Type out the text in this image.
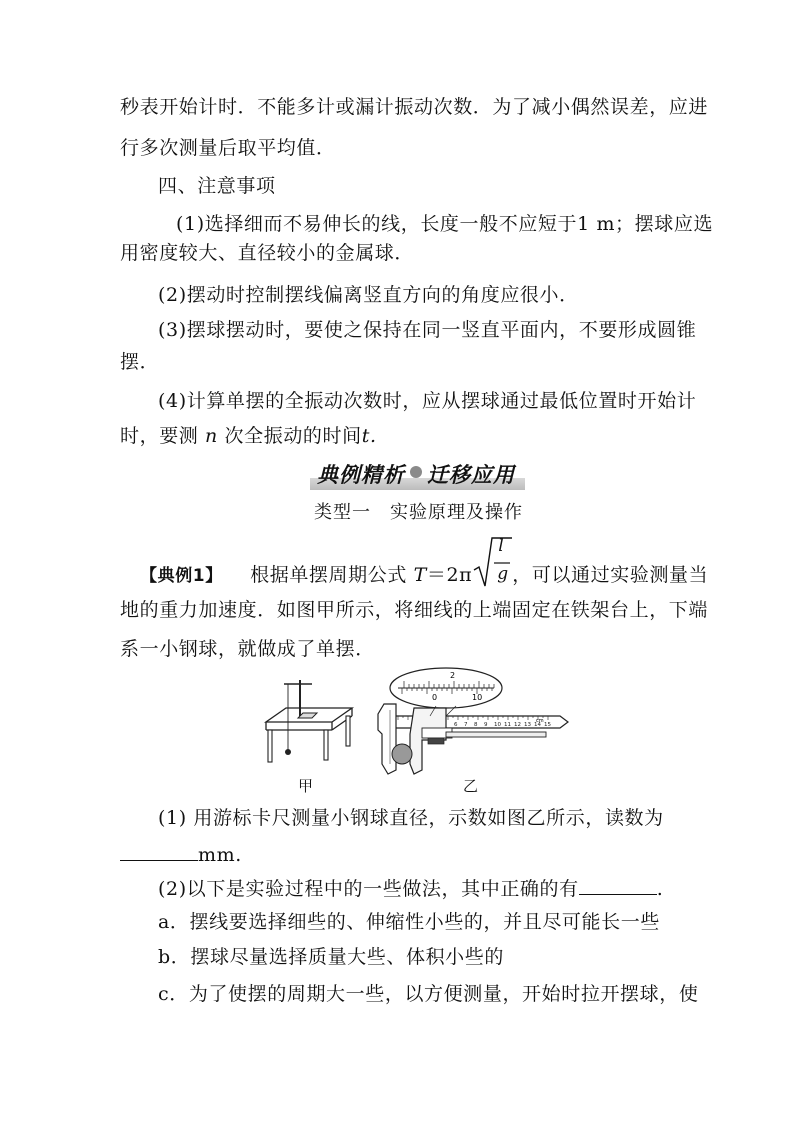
秒表开始计时．不能多计或漏计振动次数．为了减小偶然误差，应进
行多次测量后取平均值．
四、注意事项
(1)选择细而不易伸长的线，长度一般不应短于1 m；摆球应选
用密度较大、直径较小的金属球．
(2)摆动时控制摆线偏离竖直方向的角度应很小．
(3)摆球摆动时，要使之保持在同一竖直平面内，不要形成圆锥
摆．
(4)计算单摆的全振动次数时，应从摆球通过最低位置时开始计
时，要测 n 次全振动的时间t.
典例精析 迁移应用
类型一　实验原理及操作
【典例1】 根据单摆周期公式 T＝2π
l
g ，可以通过实验测量当
地的重力加速度．如图甲所示，将细线的上端固定在铁架台上，下端
系一小钢球，就做成了单摆．
甲
2
0	10
6 7 8 9 10 11 12 13 14 15
cm
乙
(1) 用游标卡尺测量小钢球直径，示数如图乙所示，读数为
mm.
(2)以下是实验过程中的一些做法，其中正确的有	.
a．摆线要选择细些的、伸缩性小些的，并且尽可能长一些
b．摆球尽量选择质量大些、体积小些的
c．为了使摆的周期大一些，以方便测量，开始时拉开摆球，使
